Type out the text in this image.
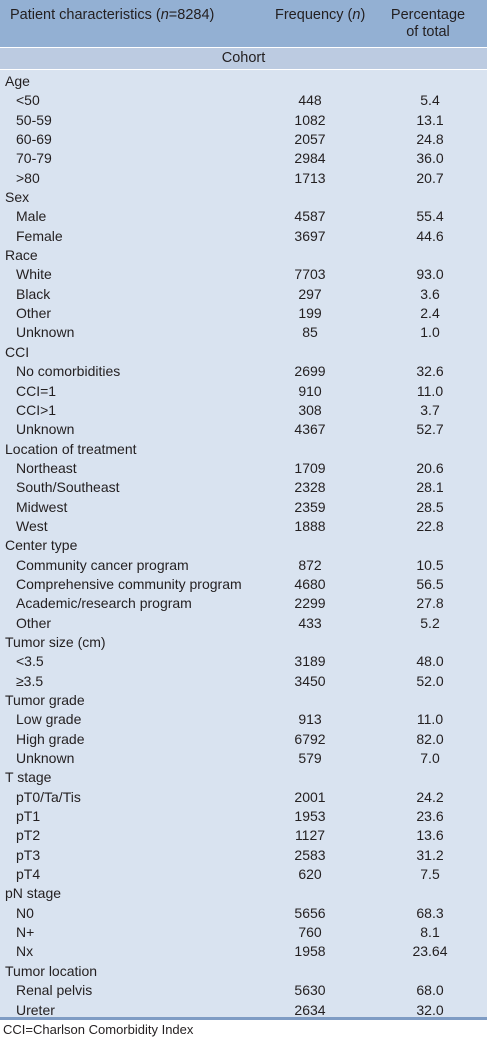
Patient characteristics (n=8284)	Frequency (n)	Percentage
of total
Cohort
Age
<50	448	5.4
50-59	1082	13.1
60-69	2057	24.8
70-79	2984	36.0
>80	1713	20.7
Sex
Male	4587	55.4
Female	3697	44.6
Race
White	7703	93.0
Black	297	3.6
Other	199	2.4
Unknown	85	1.0
CCI
No comorbidities	2699	32.6
CCI=1	910	11.0
CCI>1	308	3.7
Unknown	4367	52.7
Location of treatment
Northeast	1709	20.6
South/Southeast	2328	28.1
Midwest	2359	28.5
West	1888	22.8
Center type
Community cancer program	872	10.5
Comprehensive community program	4680	56.5
Academic/research program	2299	27.8
Other	433	5.2
Tumor size (cm)
<3.5	3189	48.0
≥3.5	3450	52.0
Tumor grade
Low grade	913	11.0
High grade	6792	82.0
Unknown	579	7.0
T stage
pT0/Ta/Tis	2001	24.2
pT1	1953	23.6
pT2	1127	13.6
pT3	2583	31.2
pT4	620	7.5
pN stage
N0	5656	68.3
N+	760	8.1
Nx	1958	23.64
Tumor location
Renal pelvis	5630	68.0
Ureter	2634	32.0
CCI=Charlson Comorbidity Index
